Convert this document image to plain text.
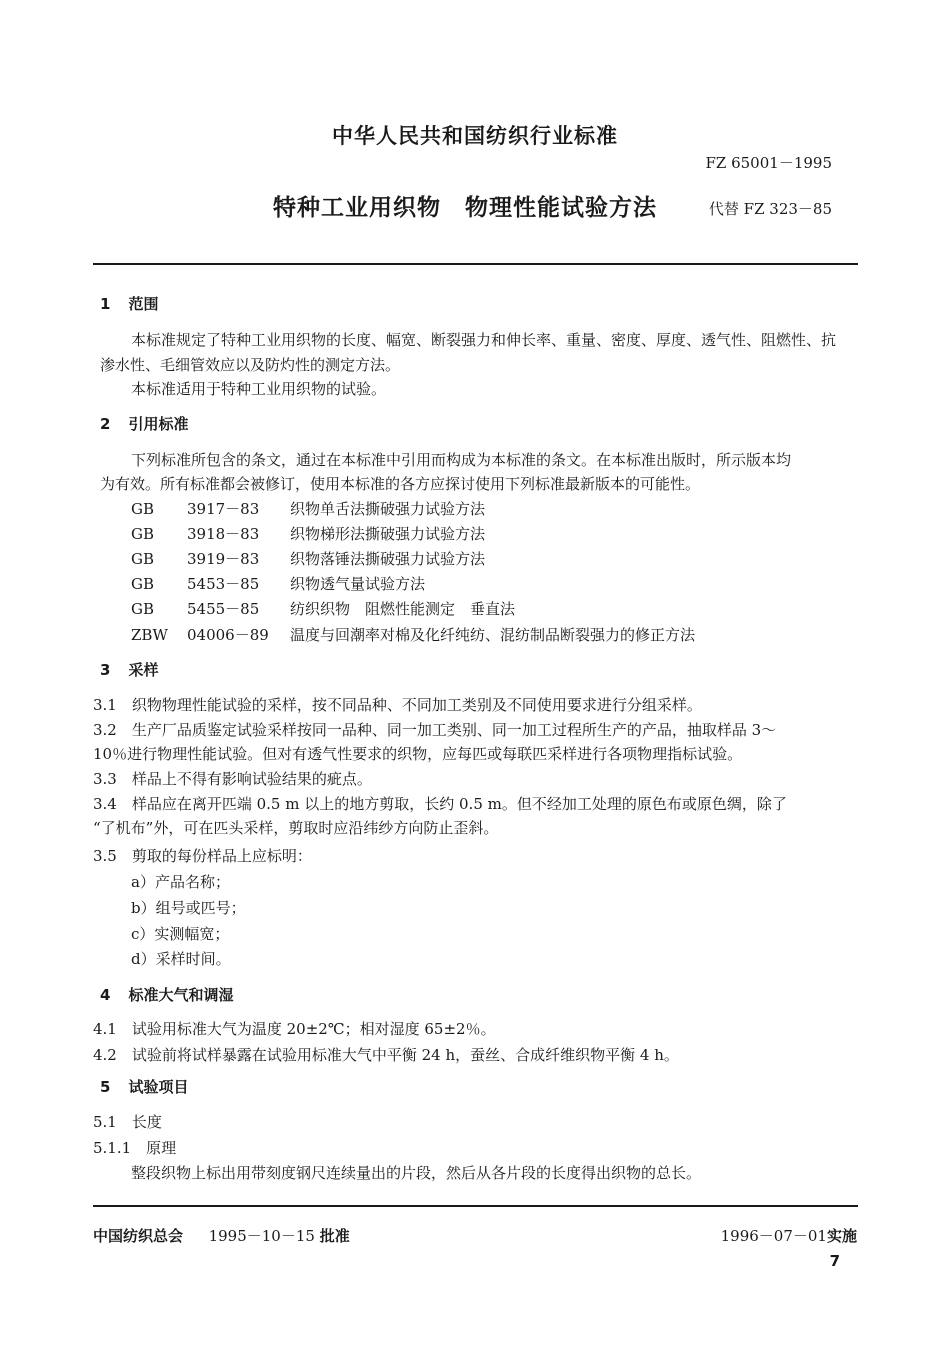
中华人民共和国纺织行业标准
FZ 65001－1995
特种工业用织物　物理性能试验方法	代替 FZ 323－85
1 范围
本标准规定了特种工业用织物的长度、幅宽、断裂强力和伸长率、重量、密度、厚度、透气性、阻燃性、抗
渗水性、毛细管效应以及防灼性的测定方法。
本标准适用于特种工业用织物的试验。
2 引用标准
下列标准所包含的条文，通过在本标准中引用而构成为本标准的条文。在本标准出版时，所示版本均
为有效。所有标准都会被修订，使用本标准的各方应探讨使用下列标准最新版本的可能性。
GB 3917－83 织物单舌法撕破强力试验方法
GB 3918－83 织物梯形法撕破强力试验方法
GB 3919－83 织物落锤法撕破强力试验方法
GB 5453－85 织物透气量试验方法
GB 5455－85 纺织织物　阻燃性能测定　垂直法
ZBW 04006－89 温度与回潮率对棉及化纤纯纺、混纺制品断裂强力的修正方法
3 采样
3.1　织物物理性能试验的采样，按不同品种、不同加工类别及不同使用要求进行分组采样。
3.2　生产厂品质鉴定试验采样按同一品种、同一加工类别、同一加工过程所生产的产品，抽取样品 3～
10％进行物理性能试验。但对有透气性要求的织物，应每匹或每联匹采样进行各项物理指标试验。
3.3　样品上不得有影响试验结果的疵点。
3.4　样品应在离开匹端 0.5 m 以上的地方剪取，长约 0.5 m。但不经加工处理的原色布或原色绸，除了
“了机布”外，可在匹头采样，剪取时应沿纬纱方向防止歪斜。
3.5　剪取的每份样品上应标明：
a）产品名称；
b）组号或匹号；
c）实测幅宽；
d）采样时间。
4 标准大气和调湿
4.1　试验用标准大气为温度 20±2℃；相对湿度 65±2％。
4.2　试验前将试样暴露在试验用标准大气中平衡 24 h，蚕丝、合成纤维织物平衡 4 h。
5 试验项目
5.1　长度
5.1.1　原理
整段织物上标出用带刻度钢尺连续量出的片段，然后从各片段的长度得出织物的总长。
中国纺织总会 1995－10－15 批准	1996－07－01实施
7
